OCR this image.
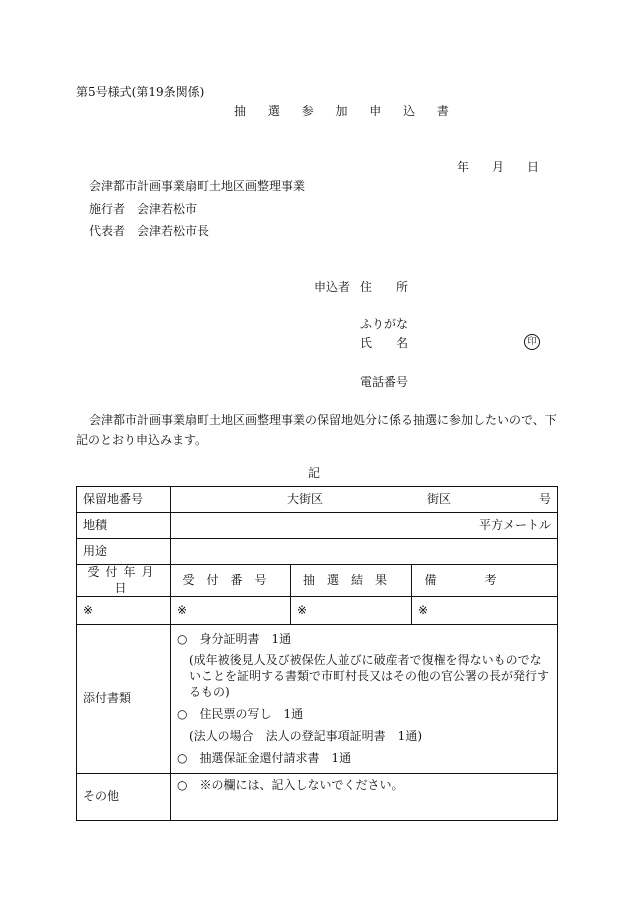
第5号様式(第19条関係)
抽 選 参 加 申 込 書
年 月 日
会津都市計画事業扇町土地区画整理事業
施行者　会津若松市
代表者　会津若松市長
申込者 住　　所
ふりがな
氏　　名	印
電話番号
会津都市計画事業扇町土地区画整理事業の保留地処分に係る抽選に参加したいので、下記のとおり申込みます。
記
保留地番号	大街区 街区 号		

地積	平方メートル		
用途			
受付年月日	受付番号	抽選結果	備考
※	※	※	※
添付書類	○　身分証明書　1通
(成年被後見人及び被保佐人並びに破産者で復権を得ないものでないことを証明する書類で市町村長又はその他の官公署の長が発行するもの)
○　住民票の写し　1通
(法人の場合　法人の登記事項証明書　1通)
○　抽選保証金還付請求書　1通		

その他	○　※の欄には、記入しないでください。		
